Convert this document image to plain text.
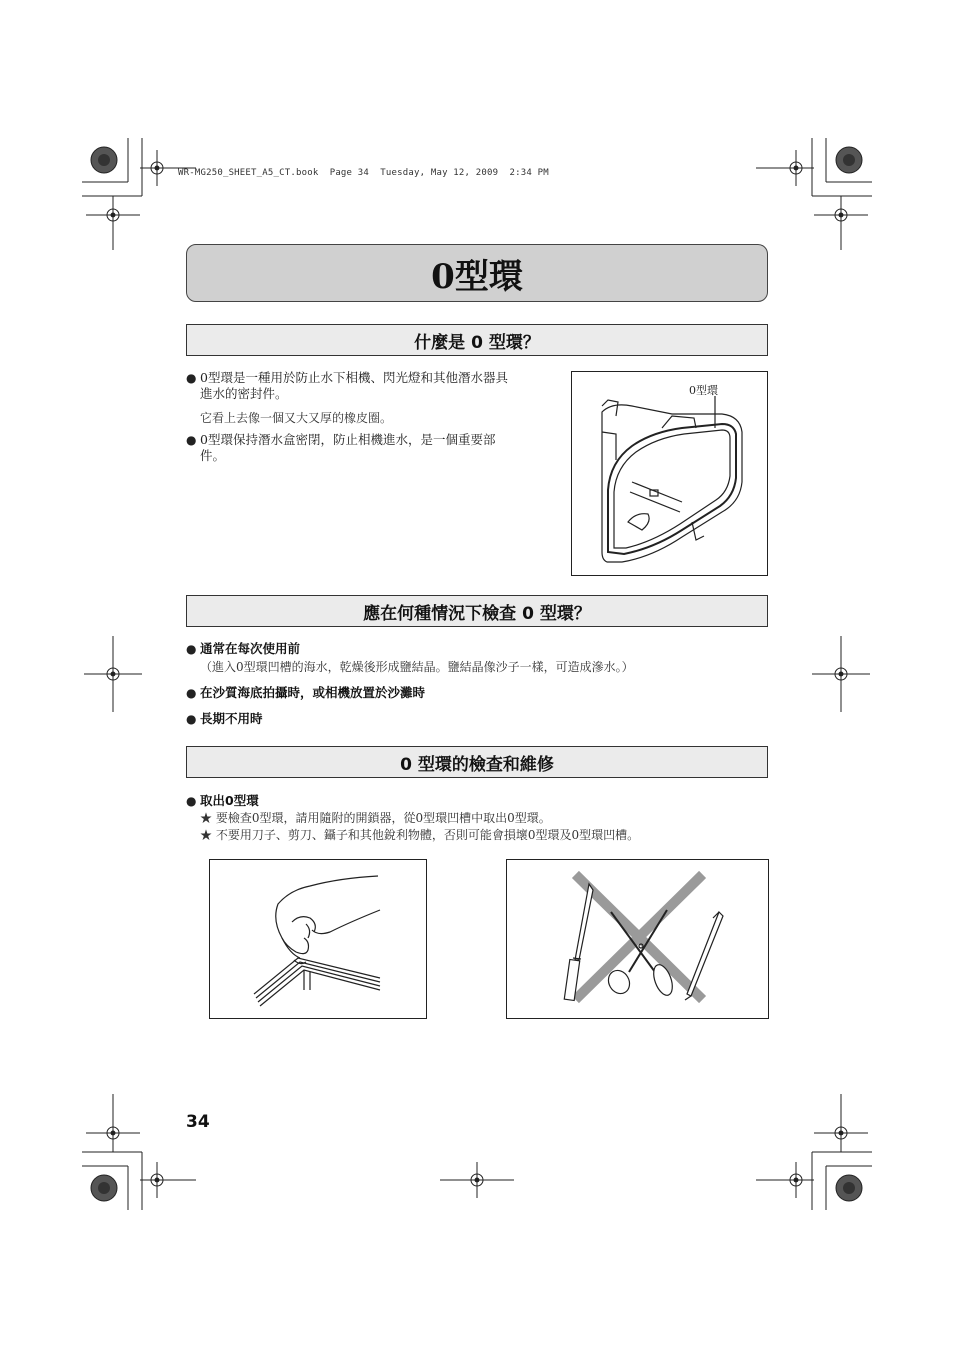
WR-MG250_SHEET_A5_CT.book  Page 34  Tuesday, May 12, 2009  2:34 PM
0型環
什麼是 0 型環？
● 0型環是一種用於防止水下相機、閃光燈和其他潛水器具
進水的密封件。
它看上去像一個又大又厚的橡皮圈。
● 0型環保持潛水盒密閉，防止相機進水，是一個重要部
件。
0型環
應在何種情況下檢查 0 型環？
● 通常在每次使用前
（進入0型環凹槽的海水，乾燥後形成鹽結晶。鹽結晶像沙子一樣，可造成滲水。）
● 在沙質海底拍攝時，或相機放置於沙灘時
● 長期不用時
0 型環的檢查和維修
● 取出0型環
★ 要檢查0型環，請用隨附的開鎖器，從0型環凹槽中取出0型環。
★ 不要用刀子、剪刀、鑷子和其他銳利物體，否則可能會損壞0型環及0型環凹槽。
34
